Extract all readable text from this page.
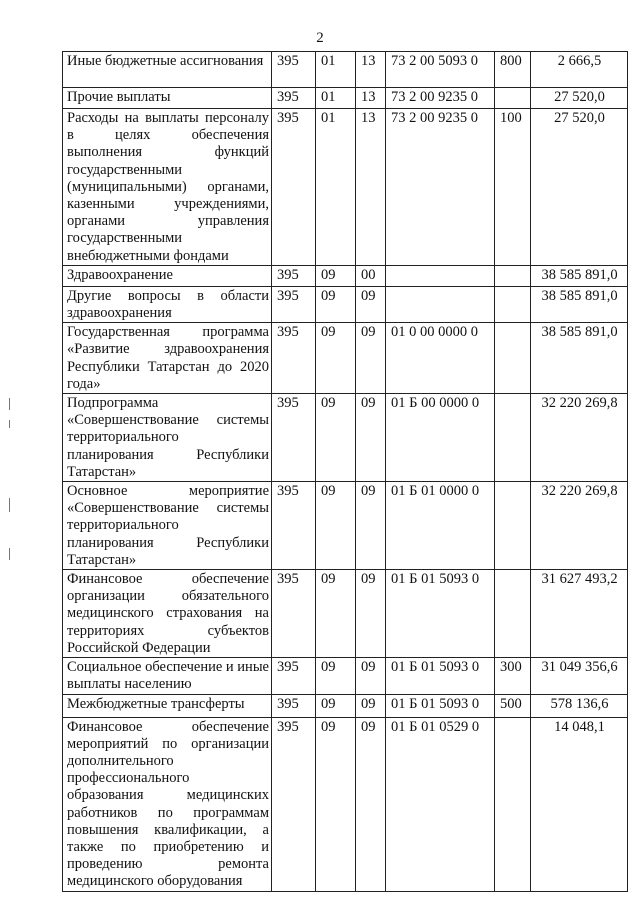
2
Иные бюджетные ассигнования	395	01	13	73 2 00 5093 0	800	2 666,5
Прочие выплаты	395	01	13	73 2 00 9235 0		27 520,0
Расходы на выплаты персоналу в целях обеспечения выполнения функций государственными (муниципальными) органами, казенными учреждениями, органами управления государственными внебюджетными фондами	395	01	13	73 2 00 9235 0	100	27 520,0
Здравоохранение	395	09	00			38 585 891,0
Другие вопросы в области здравоохранения	395	09	09			38 585 891,0
Государственная программа «Развитие здравоохранения Республики Татарстан до 2020 года»	395	09	09	01 0 00 0000 0		38 585 891,0
Подпрограмма «Совершенствование системы территориального планирования Республики Татарстан»	395	09	09	01 Б 00 0000 0		32 220 269,8
Основное мероприятие «Совершенствование системы территориального планирования Республики Татарстан»	395	09	09	01 Б 01 0000 0		32 220 269,8
Финансовое обеспечение организации обязательного медицинского страхования на территориях субъектов Российской Федерации	395	09	09	01 Б 01 5093 0		31 627 493,2
Социальное обеспечение и иные выплаты населению	395	09	09	01 Б 01 5093 0	300	31 049 356,6
Межбюджетные трансферты	395	09	09	01 Б 01 5093 0	500	578 136,6
Финансовое обеспечение мероприятий по организации дополнительного профессионального образования медицинских работников по программам повышения квалификации, а также по приобретению и проведению ремонта медицинского оборудования	395	09	09	01 Б 01 0529 0		14 048,1
